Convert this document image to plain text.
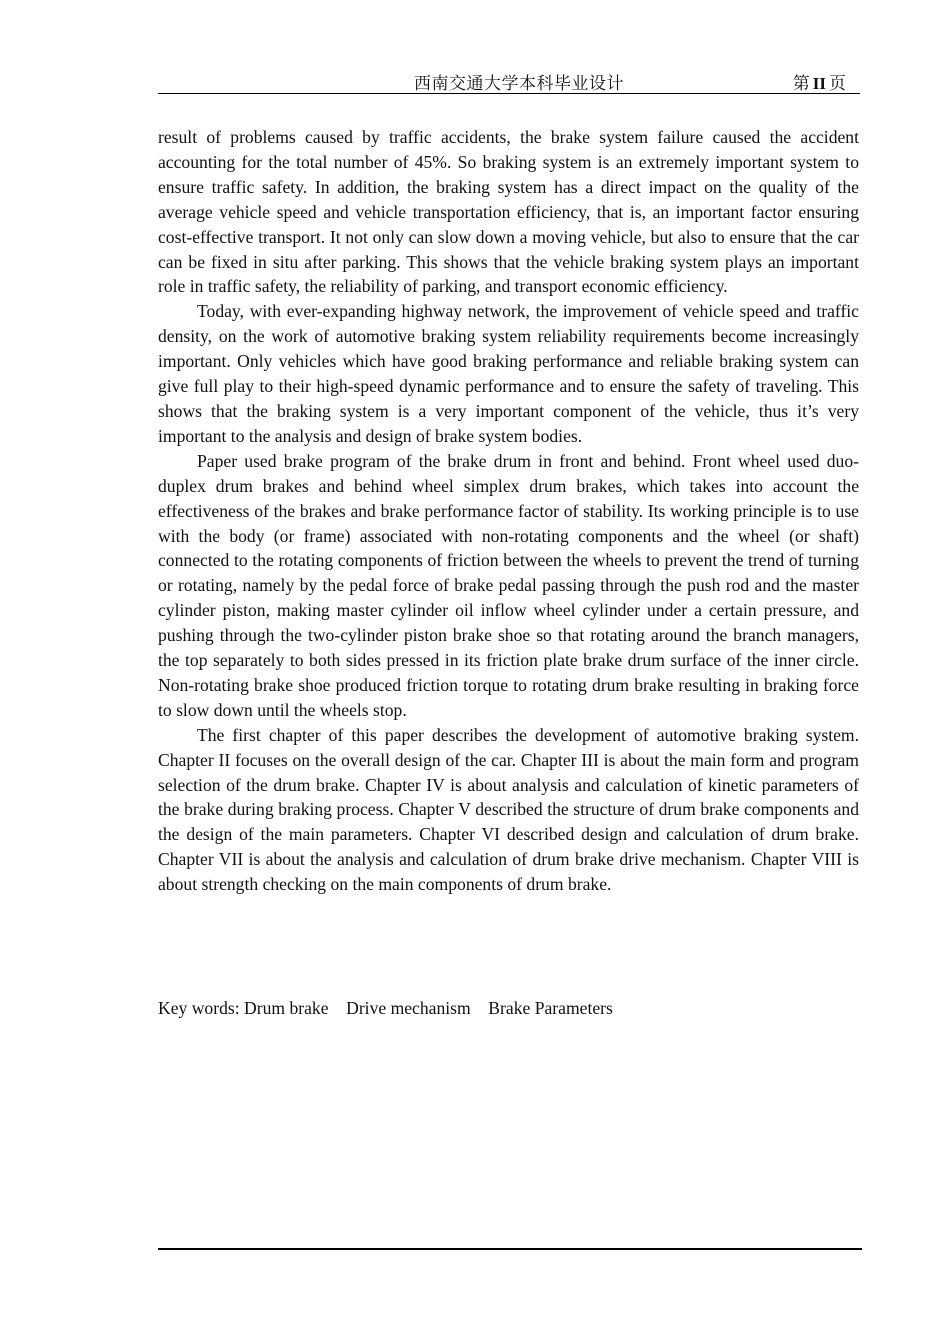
西南交通大学本科毕业设计	第 II 页

result of problems caused by traffic accidents, the brake system failure caused the accident accounting for the total number of 45%. So braking system is an extremely important system to ensure traffic safety. In addition, the braking system has a direct impact on the quality of the average vehicle speed and vehicle transportation efficiency, that is, an important factor ensuring cost-effective transport. It not only can slow down a moving vehicle, but also to ensure that the car can be fixed in situ after parking. This shows that the vehicle braking system plays an important role in traffic safety, the reliability of parking, and transport economic efficiency.

Today, with ever-expanding highway network, the improvement of vehicle speed and traffic density, on the work of automotive braking system reliability requirements become increasingly important. Only vehicles which have good braking performance and reliable braking system can give full play to their high-speed dynamic performance and to ensure the safety of traveling. This shows that the braking system is a very important component of the vehicle, thus it’s very important to the analysis and design of brake system bodies.

Paper used brake program of the brake drum in front and behind. Front wheel used duo-duplex drum brakes and behind wheel simplex drum brakes, which takes into account the effectiveness of the brakes and brake performance factor of stability. Its working principle is to use with the body (or frame) associated with non-rotating components and the wheel (or shaft) connected to the rotating components of friction between the wheels to prevent the trend of turning or rotating, namely by the pedal force of brake pedal passing through the push rod and the master cylinder piston, making master cylinder oil inflow wheel cylinder under a certain pressure, and pushing through the two-cylinder piston brake shoe so that rotating around the branch managers, the top separately to both sides pressed in its friction plate brake drum surface of the inner circle. Non-rotating brake shoe produced friction torque to rotating drum brake resulting in braking force to slow down until the wheels stop.

The first chapter of this paper describes the development of automotive braking system. Chapter II focuses on the overall design of the car. Chapter III is about the main form and program selection of the drum brake. Chapter IV is about analysis and calculation of kinetic parameters of the brake during braking process. Chapter V described the structure of drum brake components and the design of the main parameters. Chapter VI described design and calculation of drum brake. Chapter VII is about the analysis and calculation of drum brake drive mechanism. Chapter VIII is about strength checking on the main components of drum brake.

Key words: Drum brake    Drive mechanism    Brake Parameters
